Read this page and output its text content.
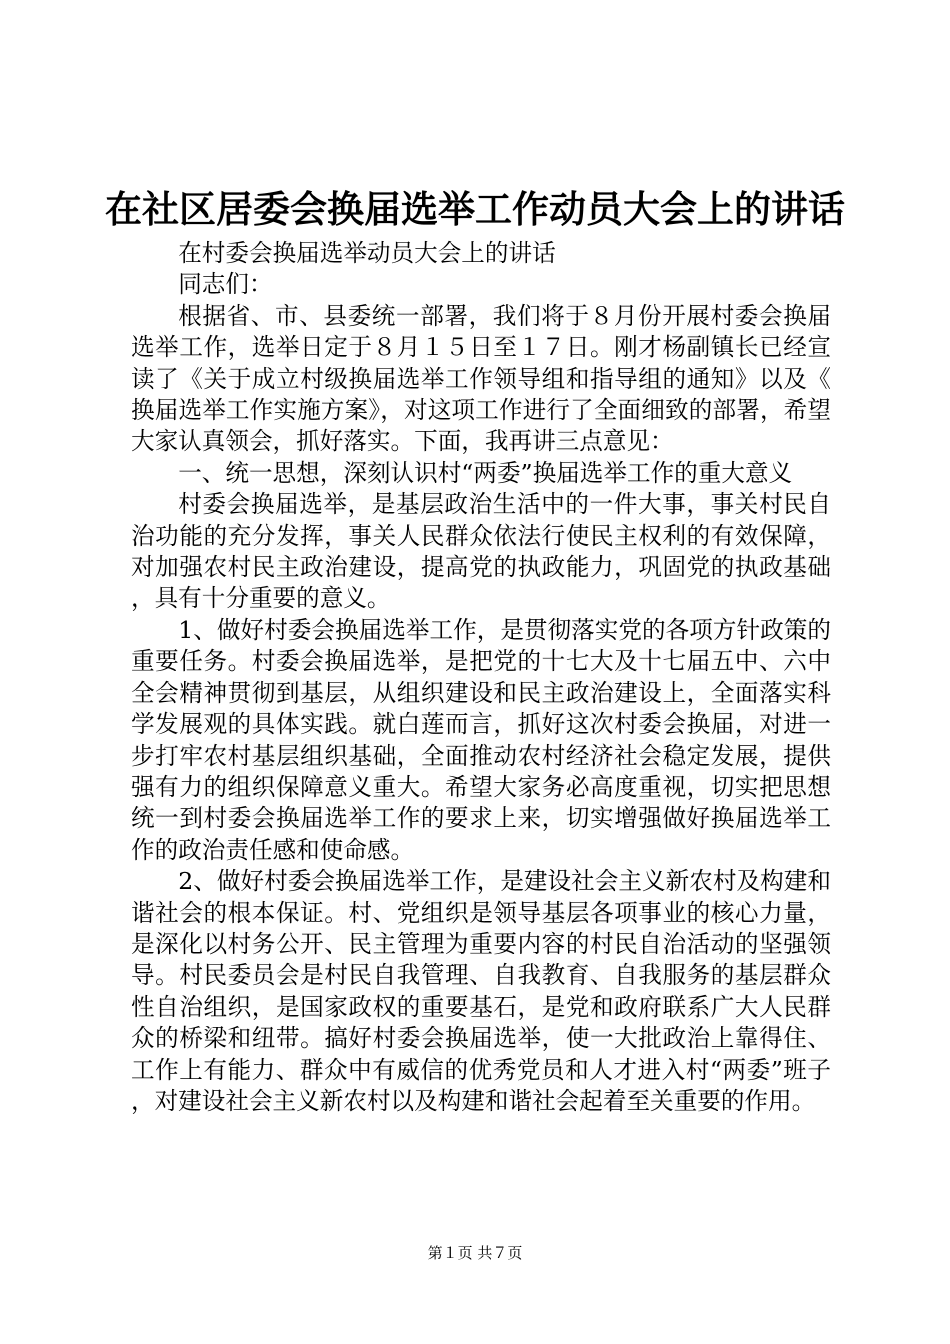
在社区居委会换届选举工作动员大会上的讲话

在村委会换届选举动员大会上的讲话

同志们：

根据省、市、县委统一部署，我们将于８月份开展村委会换届选举工作，选举日定于８月１５日至１７日。刚才杨副镇长已经宣读了《关于成立村级换届选举工作领导组和指导组的通知》以及《换届选举工作实施方案》，对这项工作进行了全面细致的部署，希望大家认真领会，抓好落实。下面，我再讲三点意见：

一、统一思想，深刻认识村“两委”换届选举工作的重大意义

村委会换届选举，是基层政治生活中的一件大事，事关村民自治功能的充分发挥，事关人民群众依法行使民主权利的有效保障，对加强农村民主政治建设，提高党的执政能力，巩固党的执政基础，具有十分重要的意义。

1、做好村委会换届选举工作，是贯彻落实党的各项方针政策的重要任务。村委会换届选举，是把党的十七大及十七届五中、六中全会精神贯彻到基层，从组织建设和民主政治建设上，全面落实科学发展观的具体实践。就白莲而言，抓好这次村委会换届，对进一步打牢农村基层组织基础，全面推动农村经济社会稳定发展，提供强有力的组织保障意义重大。希望大家务必高度重视，切实把思想统一到村委会换届选举工作的要求上来，切实增强做好换届选举工作的政治责任感和使命感。

2、做好村委会换届选举工作，是建设社会主义新农村及构建和谐社会的根本保证。村、党组织是领导基层各项事业的核心力量，是深化以村务公开、民主管理为重要内容的村民自治活动的坚强领导。村民委员会是村民自我管理、自我教育、自我服务的基层群众性自治组织，是国家政权的重要基石，是党和政府联系广大人民群众的桥梁和纽带。搞好村委会换届选举，使一大批政治上靠得住、工作上有能力、群众中有威信的优秀党员和人才进入村“两委”班子，对建设社会主义新农村以及构建和谐社会起着至关重要的作用。

第１页 共７页
